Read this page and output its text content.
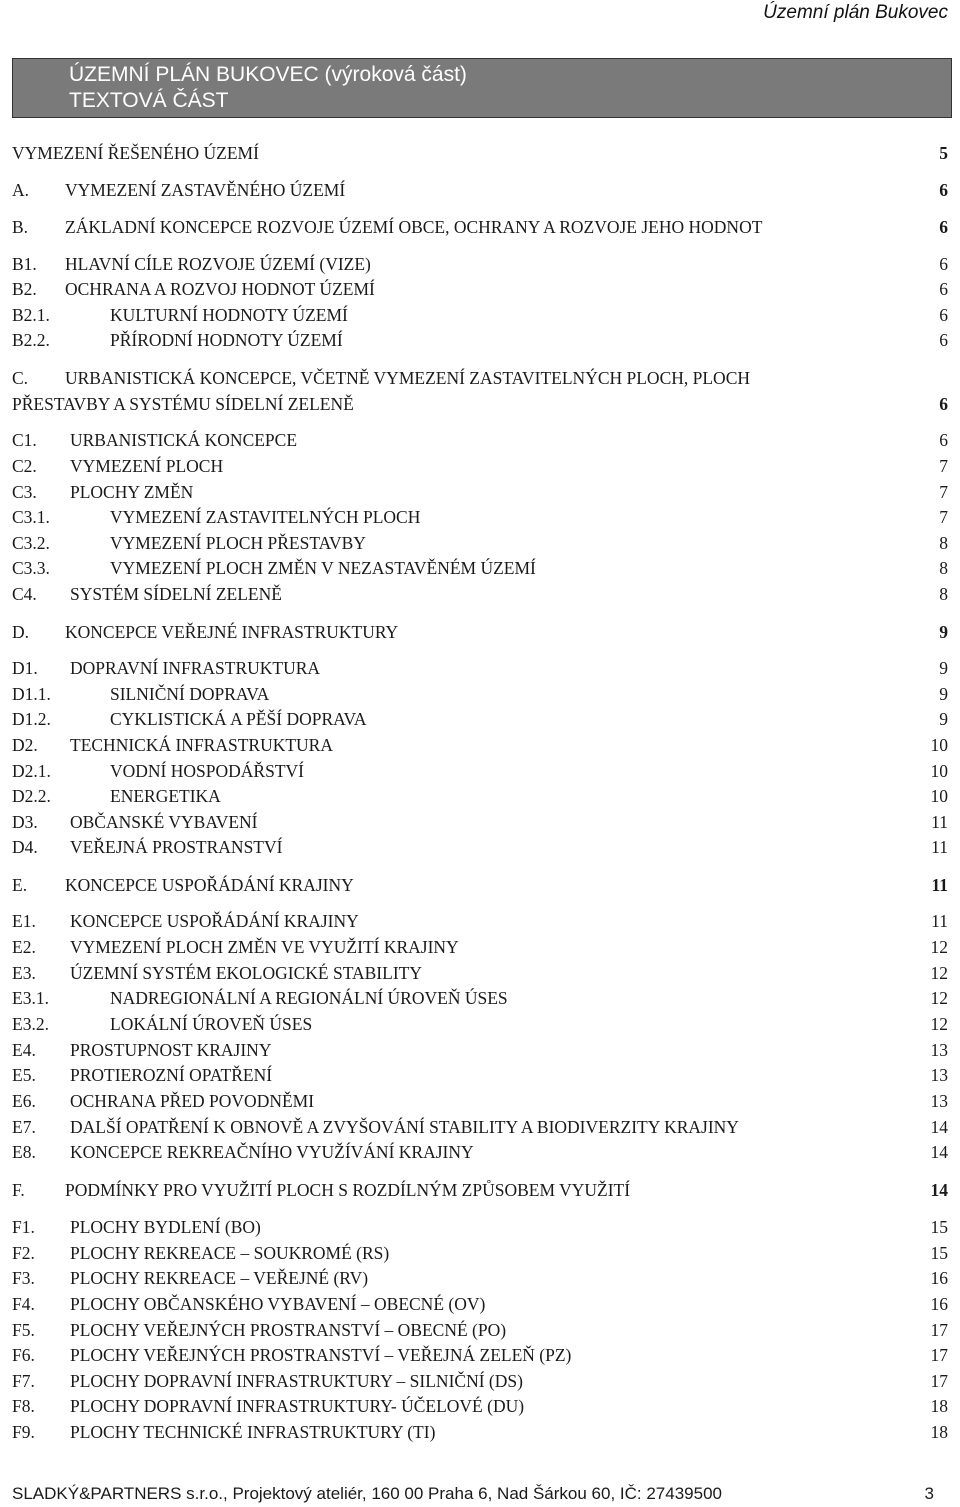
Územní plán Bukovec
ÚZEMNÍ PLÁN BUKOVEC (výroková část)
TEXTOVÁ ČÁST
VYMEZENÍ ŘEŠENÉHO ÚZEMÍ	5
A. VYMEZENÍ ZASTAVĚNÉHO ÚZEMÍ	6
B. ZÁKLADNÍ KONCEPCE ROZVOJE ÚZEMÍ OBCE, OCHRANY A ROZVOJE JEHO HODNOT	6
B1. HLAVNÍ CÍLE ROZVOJE ÚZEMÍ (VIZE)	6
B2. OCHRANA A ROZVOJ HODNOT ÚZEMÍ	6
B2.1.	KULTURNÍ HODNOTY ÚZEMÍ	6
B2.2.	PŘÍRODNÍ HODNOTY ÚZEMÍ	6
C. URBANISTICKÁ KONCEPCE, VČETNĚ VYMEZENÍ ZASTAVITELNÝCH PLOCH, PLOCH
PŘESTAVBY A SYSTÉMU SÍDELNÍ ZELENĚ	6
C1. URBANISTICKÁ KONCEPCE	6
C2. VYMEZENÍ PLOCH	7
C3. PLOCHY ZMĚN	7
C3.1.	VYMEZENÍ ZASTAVITELNÝCH PLOCH	7
C3.2.	VYMEZENÍ PLOCH PŘESTAVBY	8
C3.3.	VYMEZENÍ PLOCH ZMĚN V NEZASTAVĚNÉM ÚZEMÍ	8
C4. SYSTÉM SÍDELNÍ ZELENĚ	8
D. KONCEPCE VEŘEJNÉ INFRASTRUKTURY	9
D1. DOPRAVNÍ INFRASTRUKTURA	9
D1.1.	SILNIČNÍ DOPRAVA	9
D1.2.	CYKLISTICKÁ A PĚŠÍ DOPRAVA	9
D2. TECHNICKÁ INFRASTRUKTURA	10
D2.1.	VODNÍ HOSPODÁŘSTVÍ	10
D2.2.	ENERGETIKA	10
D3. OBČANSKÉ VYBAVENÍ	11
D4. VEŘEJNÁ PROSTRANSTVÍ	11
E. KONCEPCE USPOŘÁDÁNÍ KRAJINY	11
E1. KONCEPCE USPOŘÁDÁNÍ KRAJINY	11
E2. VYMEZENÍ PLOCH ZMĚN VE VYUŽITÍ KRAJINY	12
E3. ÚZEMNÍ SYSTÉM EKOLOGICKÉ STABILITY	12
E3.1.	NADREGIONÁLNÍ A REGIONÁLNÍ ÚROVEŇ ÚSES	12
E3.2.	LOKÁLNÍ ÚROVEŇ ÚSES	12
E4. PROSTUPNOST KRAJINY	13
E5. PROTIEROZNÍ OPATŘENÍ	13
E6. OCHRANA PŘED POVODNĚMI	13
E7. DALŠÍ OPATŘENÍ K OBNOVĚ A ZVYŠOVÁNÍ STABILITY A BIODIVERZITY KRAJINY	14
E8. KONCEPCE REKREAČNÍHO VYUŽÍVÁNÍ KRAJINY	14
F. PODMÍNKY PRO VYUŽITÍ PLOCH S ROZDÍLNÝM ZPŮSOBEM VYUŽITÍ	14
F1. PLOCHY BYDLENÍ (BO)	15
F2. PLOCHY REKREACE – SOUKROMÉ (RS)	15
F3. PLOCHY REKREACE – VEŘEJNÉ (RV)	16
F4. PLOCHY OBČANSKÉHO VYBAVENÍ – OBECNÉ (OV)	16
F5. PLOCHY VEŘEJNÝCH PROSTRANSTVÍ – OBECNÉ (PO)	17
F6. PLOCHY VEŘEJNÝCH PROSTRANSTVÍ – VEŘEJNÁ ZELEŇ (PZ)	17
F7. PLOCHY DOPRAVNÍ INFRASTRUKTURY – SILNIČNÍ (DS)	17
F8. PLOCHY DOPRAVNÍ INFRASTRUKTURY- ÚČELOVÉ (DU)	18
F9. PLOCHY TECHNICKÉ INFRASTRUKTURY (TI)	18
SLADKÝ&PARTNERS s.r.o., Projektový ateliér, 160 00 Praha 6, Nad Šárkou 60, IČ: 27439500	3
